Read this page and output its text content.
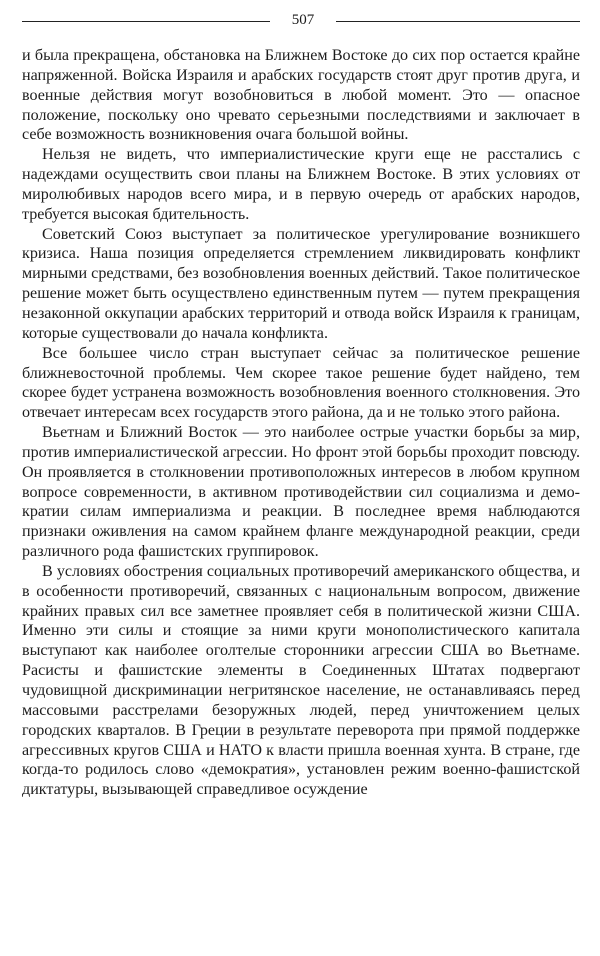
507

и была прекращена, обстановка на Ближнем Востоке до сих пор остается крайне напряженной. Войска Израиля и арабских государств стоят друг против друга, и военные действия могут возобновиться в любой момент. Это — опасное положение, поскольку оно чревато серьезными последствиями и заключает в себе возможность возникновения очага большой войны.

Нельзя не видеть, что империалистические круги еще не расстались с надеждами осуществить свои планы на Ближнем Востоке. В этих условиях от миролюбивых народов всего мира, и в первую очередь от арабских народов, требуется высокая бдительность.

Советский Союз выступает за политическое урегулирование возникшего кризиса. Наша позиция определяется стремлением ликвидировать конфликт мирными средствами, без возобновления военных действий. Такое политическое решение может быть осуществлено единственным путем — путем прекращения незаконной оккупации арабских территорий и отвода войск Израиля к границам, которые существовали до начала конфликта.

Все большее число стран выступает сейчас за политическое решение ближневосточной проблемы. Чем скорее такое решение будет найдено, тем скорее будет устранена возможность возобновления военного столкновения. Это отвечает интересам всех государств этого района, да и не только этого района.

Вьетнам и Ближний Восток — это наиболее острые участки борьбы за мир, против империалистической агрессии. Но фронт этой борьбы проходит повсюду. Он проявляется в столкновении противоположных интересов в любом крупном вопросе современности, в активном противодействии сил социализма и демократии силам империализма и реакции. В последнее время наблюдаются признаки оживления на самом крайнем фланге международной реакции, среди различного рода фашистских группировок.

В условиях обострения социальных противоречий американского общества, и в особенности противоречий, связанных с национальным вопросом, движение крайних правых сил все заметнее проявляет себя в политической жизни США. Именно эти силы и стоящие за ними круги монополистического капитала выступают как наиболее оголтелые сторонники агрессии США во Вьетнаме. Расисты и фашистские элементы в Соединенных Штатах подвергают чудовищной дискриминации негритянское население, не останавливаясь перед массовыми расстрелами безоружных людей, перед уничтожением целых городских кварталов. В Греции в результате переворота при прямой поддержке агрессивных кругов США и НАТО к власти пришла военная хунта. В стране, где когда-то родилось слово «демократия», установлен режим военно-фашистской диктатуры, вызывающей справедливое осуждение
